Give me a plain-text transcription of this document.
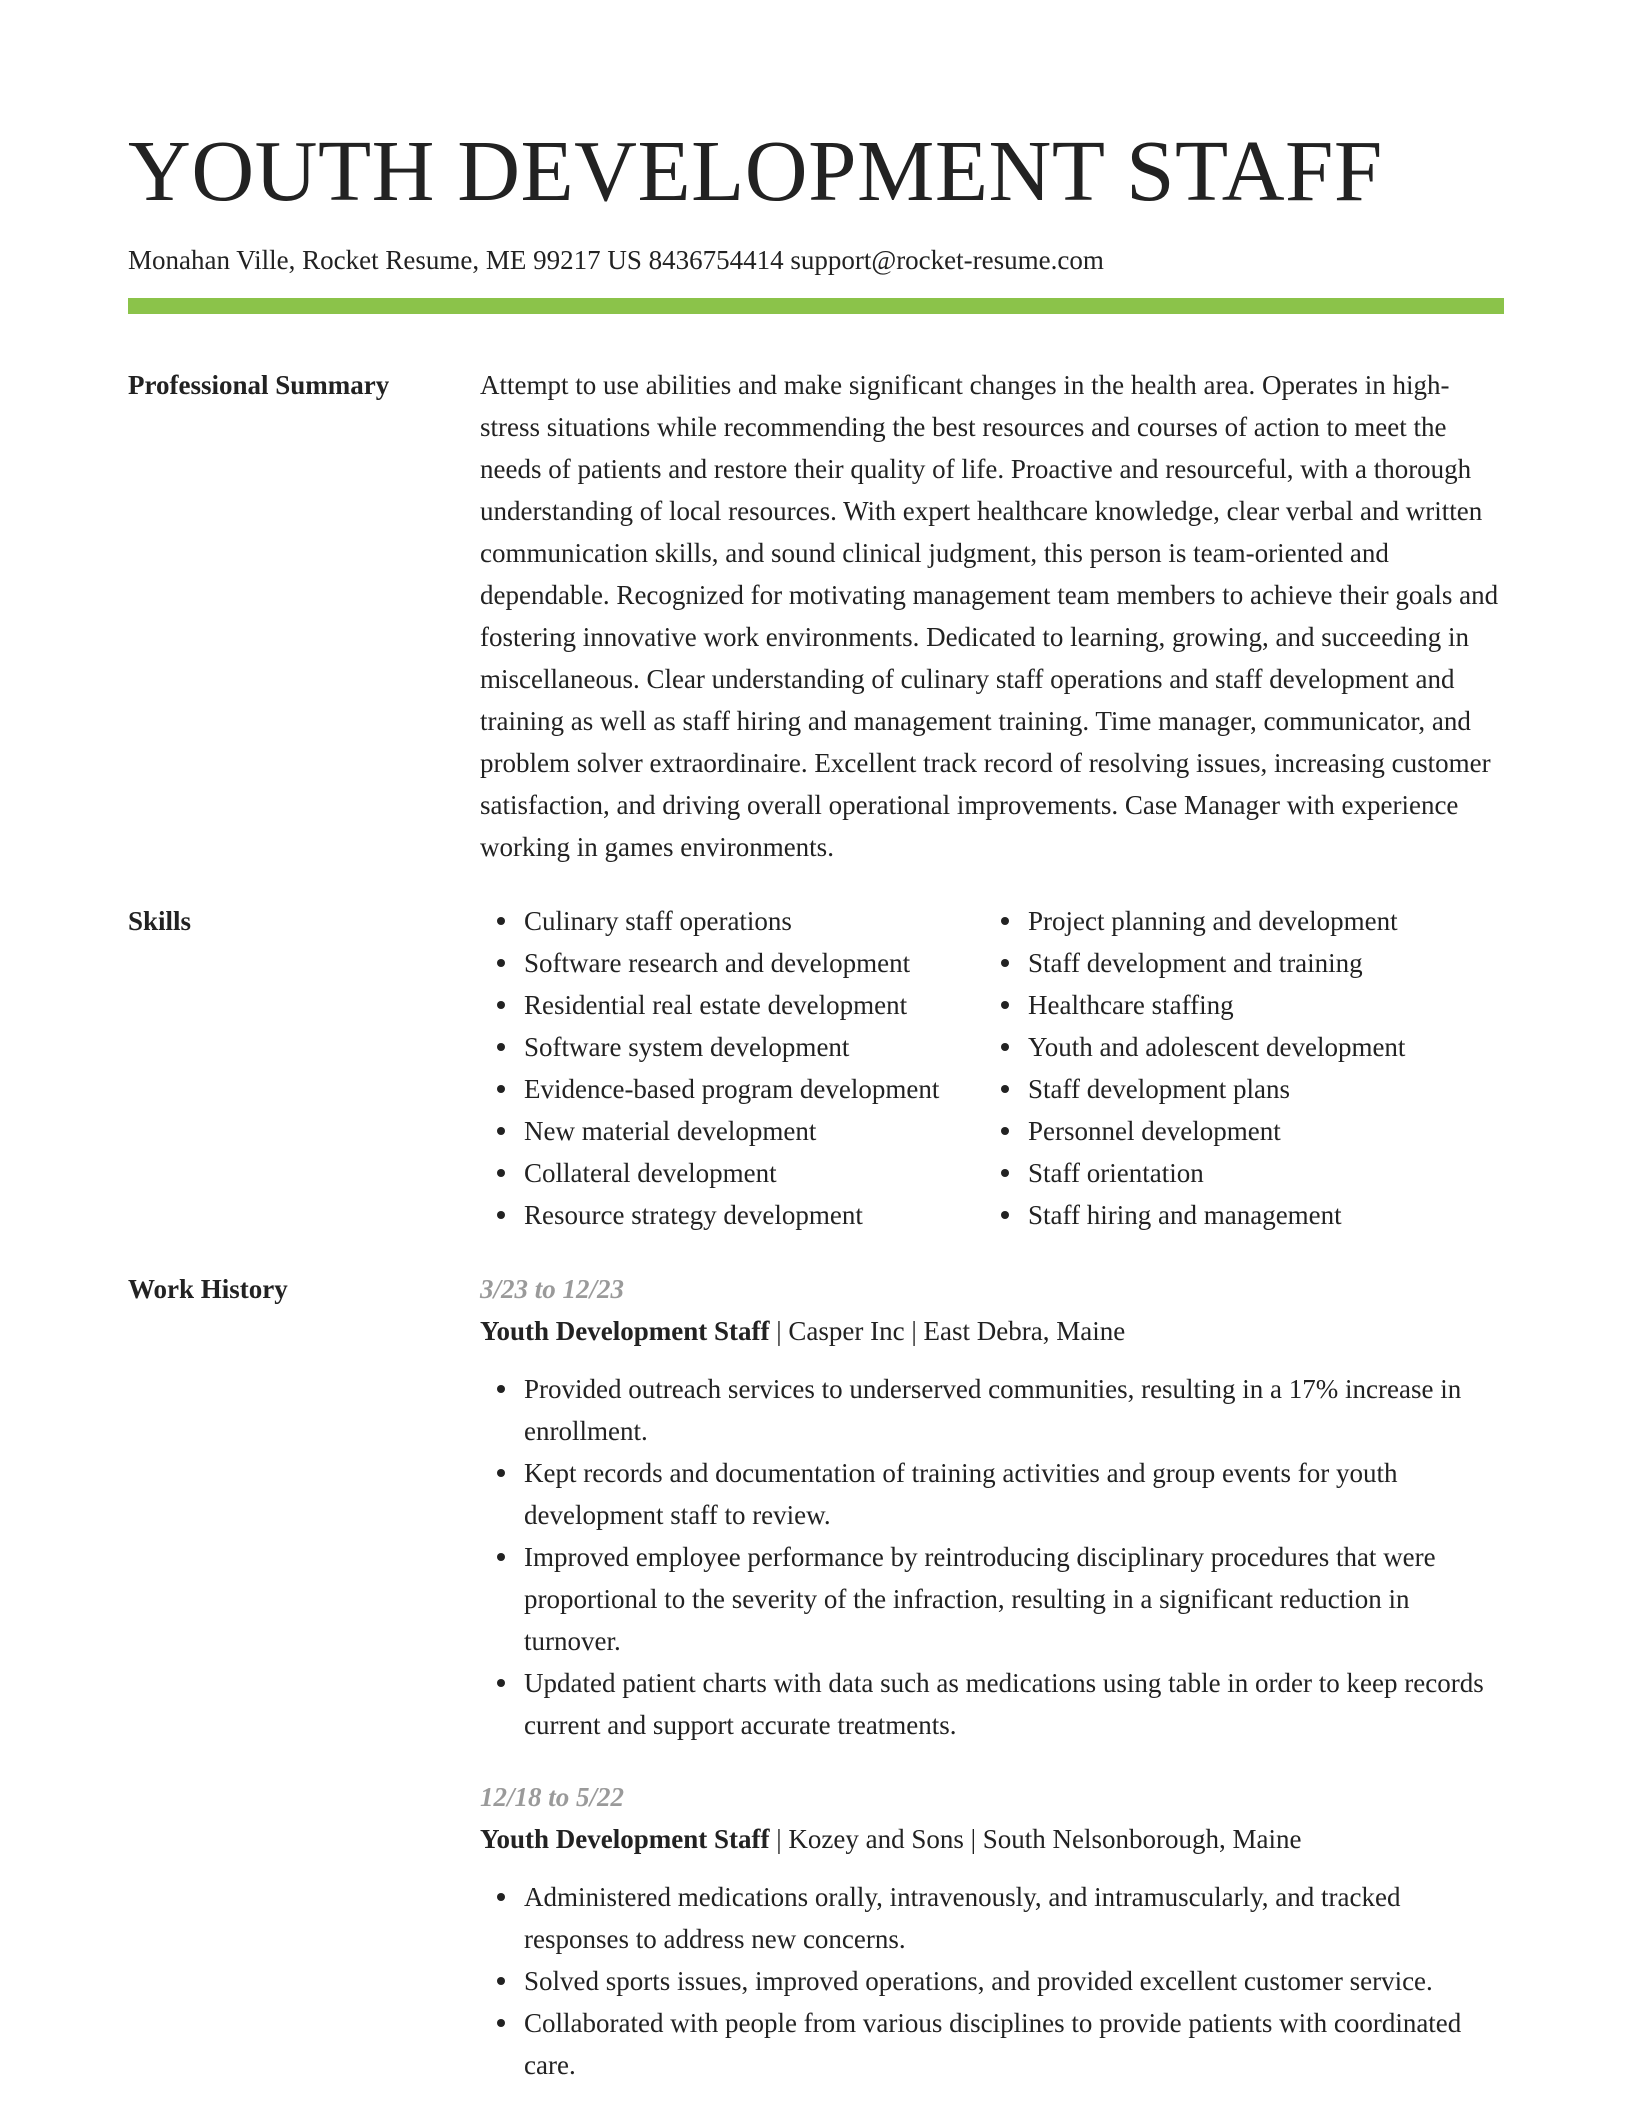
YOUTH DEVELOPMENT STAFF
Monahan Ville, Rocket Resume, ME 99217 US 8436754414 support@rocket-resume.com
Professional Summary	Attempt to use abilities and make significant changes in the health area. Operates in high-stress situations while recommending the best resources and courses of action to meet the needs of patients and restore their quality of life. Proactive and resourceful, with a thorough understanding of local resources. With expert healthcare knowledge, clear verbal and written communication skills, and sound clinical judgment, this person is team-oriented and dependable. Recognized for motivating management team members to achieve their goals and fostering innovative work environments. Dedicated to learning, growing, and succeeding in miscellaneous. Clear understanding of culinary staff operations and staff development and training as well as staff hiring and management training. Time manager, communicator, and problem solver extraordinaire. Excellent track record of resolving issues, increasing customer satisfaction, and driving overall operational improvements. Case Manager with experience working in games environments.

Skills	Culinary staff operations
Software research and development
Residential real estate development
Software system development
Evidence-based program development
New material development
Collateral development
Resource strategy development
Project planning and development
Staff development and training
Healthcare staffing
Youth and adolescent development
Staff development plans
Personnel development
Staff orientation
Staff hiring and management
Work History	3/23 to 12/23
Youth Development Staff | Casper Inc | East Debra, Maine
Provided outreach services to underserved communities, resulting in a 17% increase in enrollment.
Kept records and documentation of training activities and group events for youth development staff to review.
Improved employee performance by reintroducing disciplinary procedures that were proportional to the severity of the infraction, resulting in a significant reduction in turnover.
Updated patient charts with data such as medications using table in order to keep records current and support accurate treatments.
12/18 to 5/22
Youth Development Staff | Kozey and Sons | South Nelsonborough, Maine
Administered medications orally, intravenously, and intramuscularly, and tracked responses to address new concerns.
Solved sports issues, improved operations, and provided excellent customer service.
Collaborated with people from various disciplines to provide patients with coordinated care.
